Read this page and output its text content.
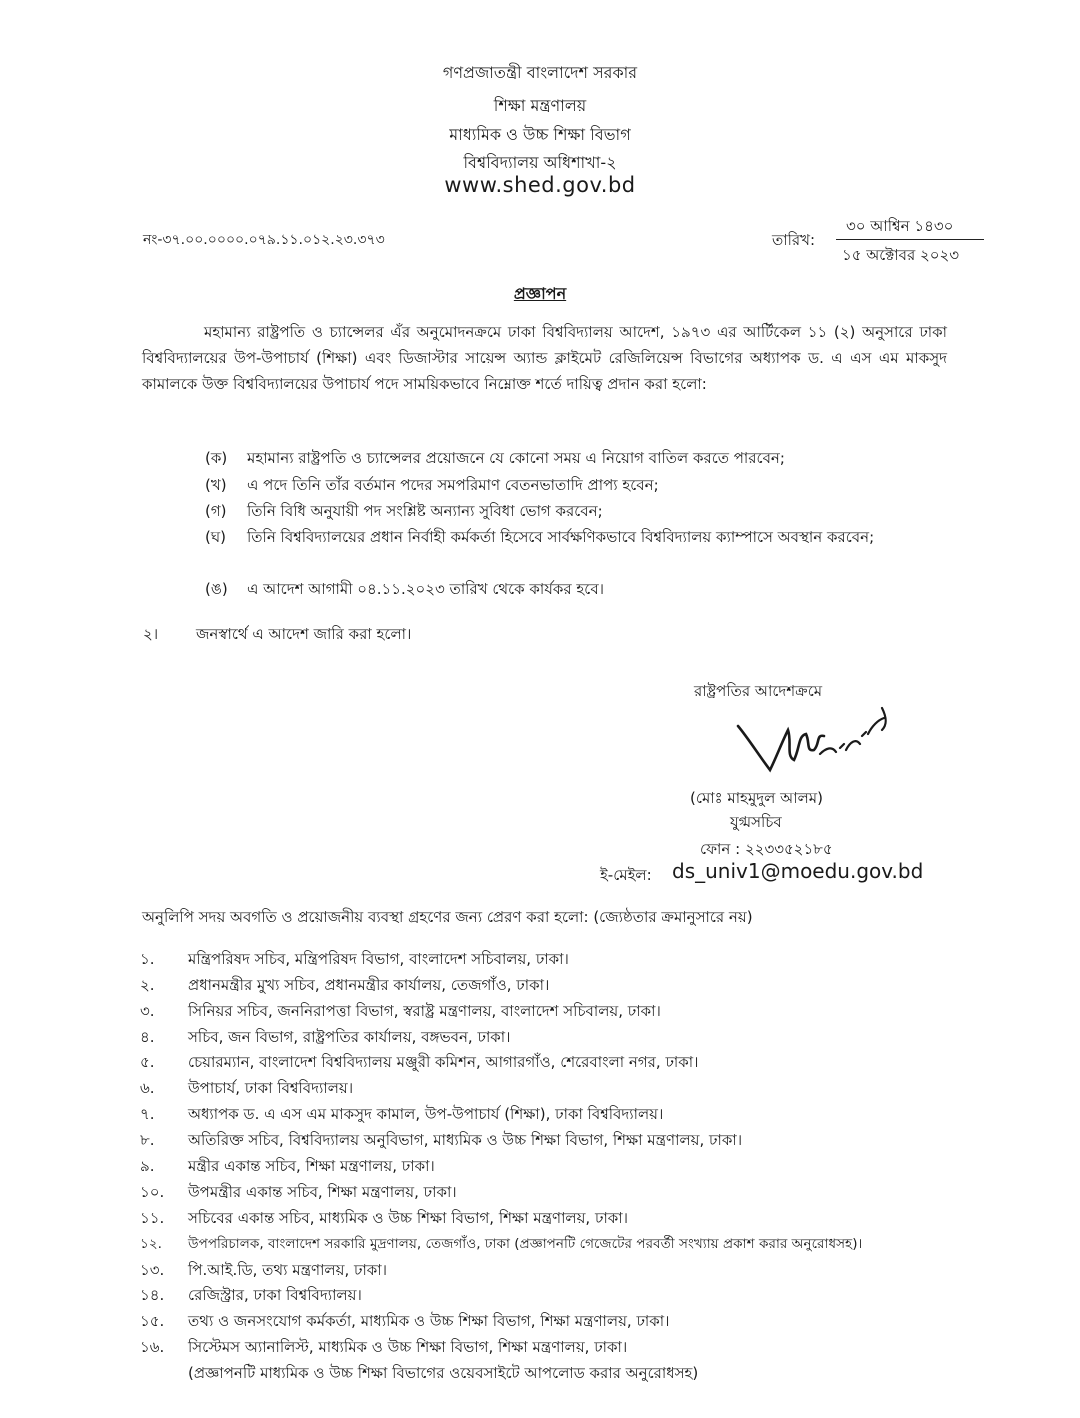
গণপ্রজাতন্ত্রী বাংলাদেশ সরকার
শিক্ষা মন্ত্রণালয়
মাধ্যমিক ও উচ্চ শিক্ষা বিভাগ
বিশ্ববিদ্যালয় অধিশাখা-২
www.shed.gov.bd
নং-৩৭.০০.০০০০.০৭৯.১১.০১২.২৩.৩৭৩	তারিখ:
৩০ আশ্বিন ১৪৩০
১৫ অক্টোবর ২০২৩
প্রজ্ঞাপন
মহামান্য রাষ্ট্রপতি ও চ্যান্সেলর এঁর অনুমোদনক্রমে ঢাকা বিশ্ববিদ্যালয় আদেশ, ১৯৭৩ এর আর্টিকেল ১১ (২) অনুসারে ঢাকা বিশ্ববিদ্যালয়ের উপ-উপাচার্য (শিক্ষা) এবং ডিজাস্টার সায়েন্স অ্যান্ড ক্লাইমেট রেজিলিয়েন্স বিভাগের অধ্যাপক ড. এ এস এম মাকসুদ কামালকে উক্ত বিশ্ববিদ্যালয়ের উপাচার্য পদে সাময়িকভাবে নিম্নোক্ত শর্তে দায়িত্ব প্রদান করা হলো:
(ক)	মহামান্য রাষ্ট্রপতি ও চ্যান্সেলর প্রয়োজনে যে কোনো সময় এ নিয়োগ বাতিল করতে পারবেন;
(খ)	এ পদে তিনি তাঁর বর্তমান পদের সমপরিমাণ বেতনভাতাদি প্রাপ্য হবেন;
(গ)	তিনি বিধি অনুযায়ী পদ সংশ্লিষ্ট অন্যান্য সুবিধা ভোগ করবেন;
(ঘ)	তিনি বিশ্ববিদ্যালয়ের প্রধান নির্বাহী কর্মকর্তা হিসেবে সার্বক্ষণিকভাবে বিশ্ববিদ্যালয় ক্যাম্পাসে অবস্থান করবেন;
(ঙ)	এ আদেশ আগামী ০৪.১১.২০২৩ তারিখ থেকে কার্যকর হবে।
২।	জনস্বার্থে এ আদেশ জারি করা হলো।
রাষ্ট্রপতির আদেশক্রমে
(মোঃ মাহমুদুল আলম)
যুগ্মসচিব
ফোন : ২২৩৩৫২১৮৫
ই-মেইল: ds_univ1@moedu.gov.bd
অনুলিপি সদয় অবগতি ও প্রয়োজনীয় ব্যবস্থা গ্রহণের জন্য প্রেরণ করা হলো: (জ্যেষ্ঠতার ক্রমানুসারে নয়)
১. মন্ত্রিপরিষদ সচিব, মন্ত্রিপরিষদ বিভাগ, বাংলাদেশ সচিবালয়, ঢাকা।
২. প্রধানমন্ত্রীর মুখ্য সচিব, প্রধানমন্ত্রীর কার্যালয়, তেজগাঁও, ঢাকা।
৩. সিনিয়র সচিব, জননিরাপত্তা বিভাগ, স্বরাষ্ট্র মন্ত্রণালয়, বাংলাদেশ সচিবালয়, ঢাকা।
৪. সচিব, জন বিভাগ, রাষ্ট্রপতির কার্যালয়, বঙ্গভবন, ঢাকা।
৫. চেয়ারম্যান, বাংলাদেশ বিশ্ববিদ্যালয় মঞ্জুরী কমিশন, আগারগাঁও, শেরেবাংলা নগর, ঢাকা।
৬. উপাচার্য, ঢাকা বিশ্ববিদ্যালয়।
৭. অধ্যাপক ড. এ এস এম মাকসুদ কামাল, উপ-উপাচার্য (শিক্ষা), ঢাকা বিশ্ববিদ্যালয়।
৮. অতিরিক্ত সচিব, বিশ্ববিদ্যালয় অনুবিভাগ, মাধ্যমিক ও উচ্চ শিক্ষা বিভাগ, শিক্ষা মন্ত্রণালয়, ঢাকা।
৯. মন্ত্রীর একান্ত সচিব, শিক্ষা মন্ত্রণালয়, ঢাকা।
১০. উপমন্ত্রীর একান্ত সচিব, শিক্ষা মন্ত্রণালয়, ঢাকা।
১১. সচিবের একান্ত সচিব, মাধ্যমিক ও উচ্চ শিক্ষা বিভাগ, শিক্ষা মন্ত্রণালয়, ঢাকা।
১২. উপপরিচালক, বাংলাদেশ সরকারি মুদ্রণালয়, তেজগাঁও, ঢাকা (প্রজ্ঞাপনটি গেজেটের পরবর্তী সংখ্যায় প্রকাশ করার অনুরোধসহ)।
১৩. পি.আই.ডি, তথ্য মন্ত্রণালয়, ঢাকা।
১৪. রেজিস্ট্রার, ঢাকা বিশ্ববিদ্যালয়।
১৫. তথ্য ও জনসংযোগ কর্মকর্তা, মাধ্যমিক ও উচ্চ শিক্ষা বিভাগ, শিক্ষা মন্ত্রণালয়, ঢাকা।
১৬. সিস্টেমস অ্যানালিস্ট, মাধ্যমিক ও উচ্চ শিক্ষা বিভাগ, শিক্ষা মন্ত্রণালয়, ঢাকা।
(প্রজ্ঞাপনটি মাধ্যমিক ও উচ্চ শিক্ষা বিভাগের ওয়েবসাইটে আপলোড করার অনুরোধসহ)
